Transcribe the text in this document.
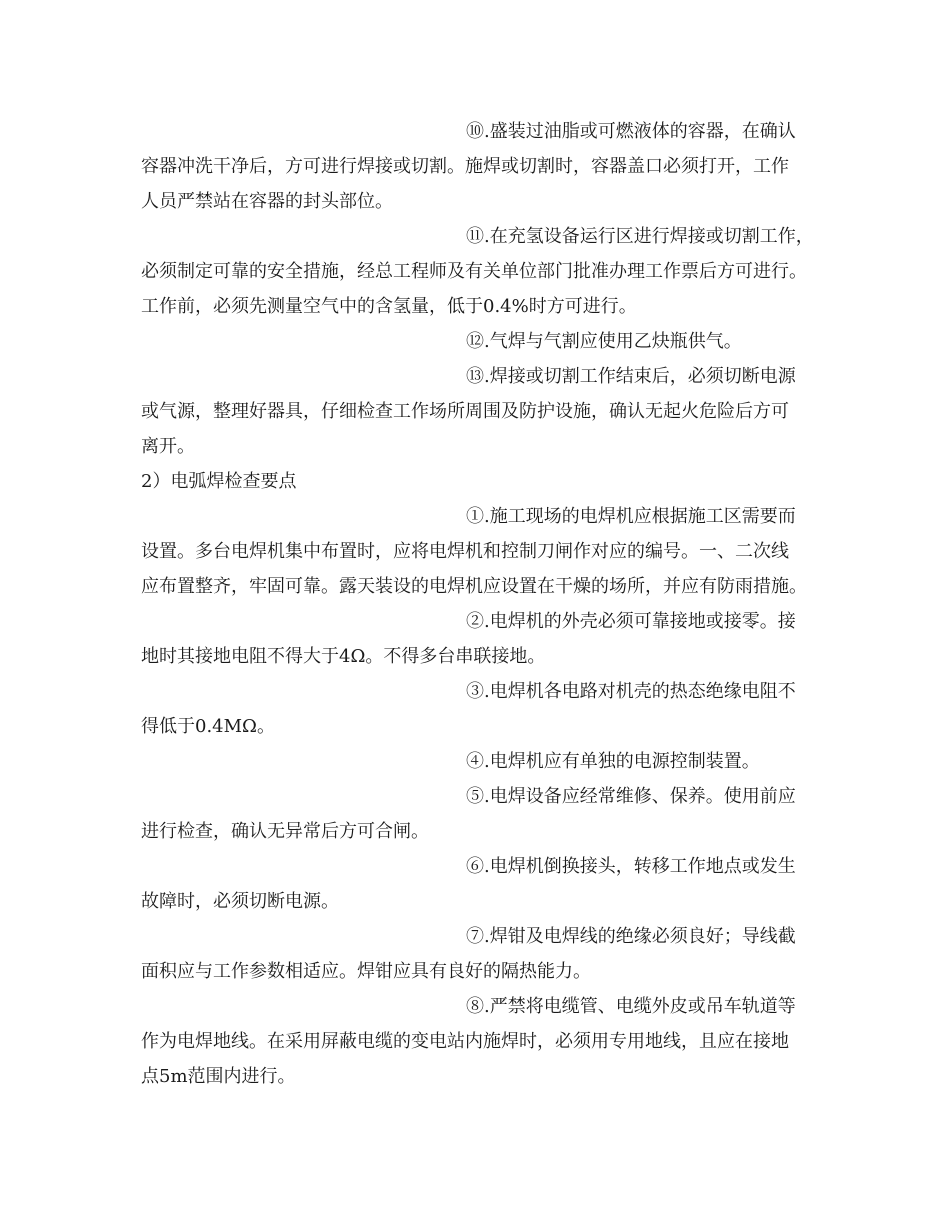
⑩.盛装过油脂或可燃液体的容器，在确认
容器冲洗干净后，方可进行焊接或切割。施焊或切割时，容器盖口必须打开，工作
人员严禁站在容器的封头部位。
⑪.在充氢设备运行区进行焊接或切割工作，
必须制定可靠的安全措施，经总工程师及有关单位部门批准办理工作票后方可进行。
工作前，必须先测量空气中的含氢量，低于0.4%时方可进行。
⑫.气焊与气割应使用乙炔瓶供气。
⑬.焊接或切割工作结束后，必须切断电源
或气源，整理好器具，仔细检查工作场所周围及防护设施，确认无起火危险后方可
离开。
2）电弧焊检查要点
①.施工现场的电焊机应根据施工区需要而
设置。多台电焊机集中布置时，应将电焊机和控制刀闸作对应的编号。一、二次线
应布置整齐，牢固可靠。露天装设的电焊机应设置在干燥的场所，并应有防雨措施。
②.电焊机的外壳必须可靠接地或接零。接
地时其接地电阻不得大于4Ω。不得多台串联接地。
③.电焊机各电路对机壳的热态绝缘电阻不
得低于0.4MΩ。
④.电焊机应有单独的电源控制装置。
⑤.电焊设备应经常维修、保养。使用前应
进行检查，确认无异常后方可合闸。
⑥.电焊机倒换接头，转移工作地点或发生
故障时，必须切断电源。
⑦.焊钳及电焊线的绝缘必须良好；导线截
面积应与工作参数相适应。焊钳应具有良好的隔热能力。
⑧.严禁将电缆管、电缆外皮或吊车轨道等
作为电焊地线。在采用屏蔽电缆的变电站内施焊时，必须用专用地线，且应在接地
点5m范围内进行。
